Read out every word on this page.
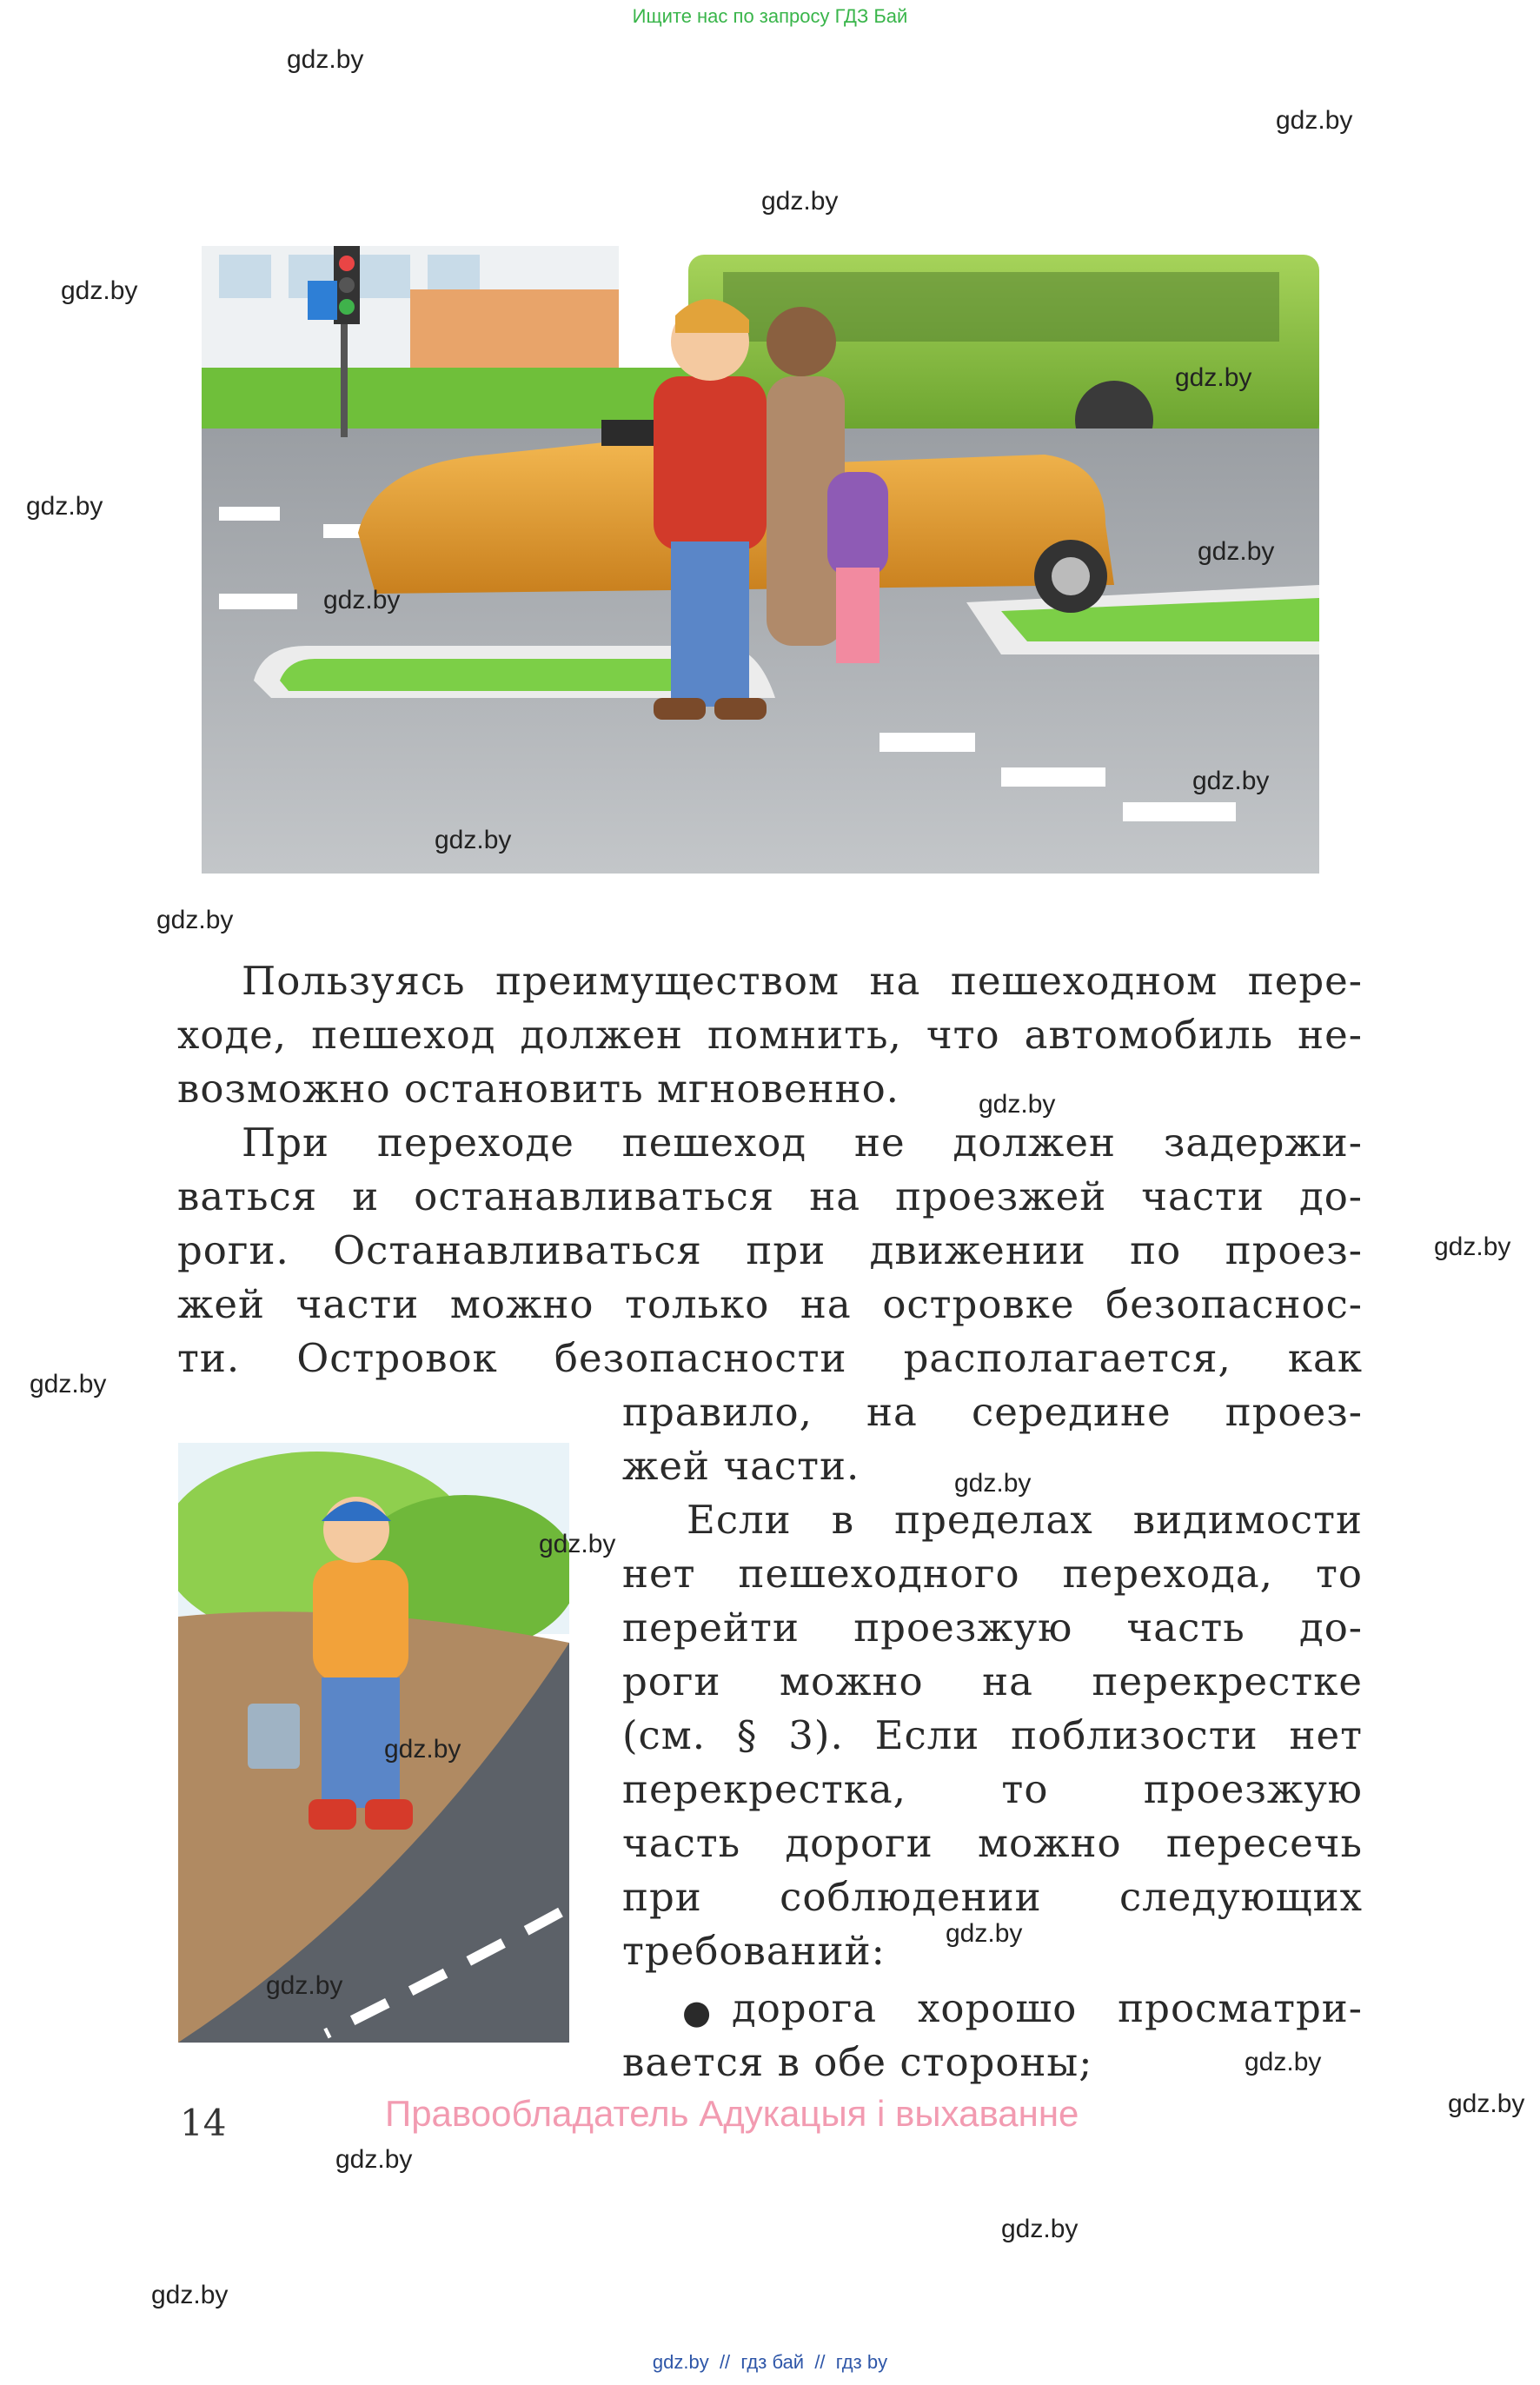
Ищите нас по запросу ГДЗ Бай
Пользуясь преимуществом на пешеходном пере-
ходе, пешеход должен помнить, что автомобиль не-
возможно остановить мгновенно.
При переходе пешеход не должен задержи-
ваться и останавливаться на проезжей части до-
роги. Останавливаться при движении по проез-
жей части можно только на островке безопаснос-
ти. Островок безопасности располагается, как
правило, на середине проез-
жей части.
Если в пределах видимости
нет пешеходного перехода, то
перейти проезжую часть до-
роги можно на перекрестке
(см. § 3). Если поблизости нет
перекрестка, то проезжую
часть дороги можно пересечь
при соблюдении следующих
требований:
● дорога хорошо просматри-
вается в обе стороны;
14	Правообладатель Адукацыя і выхаванне
gdz.by
gdz.by
gdz.by
gdz.by
gdz.by
gdz.by
gdz.by
gdz.by
gdz.by
gdz.by
gdz.by
gdz.by
gdz.by
gdz.by
gdz.by
gdz.by
gdz.by
gdz.by
gdz.by
gdz.by
gdz.by
gdz.by
gdz.by
gdz.by
gdz.by  //  гдз бай  //  гдз by
